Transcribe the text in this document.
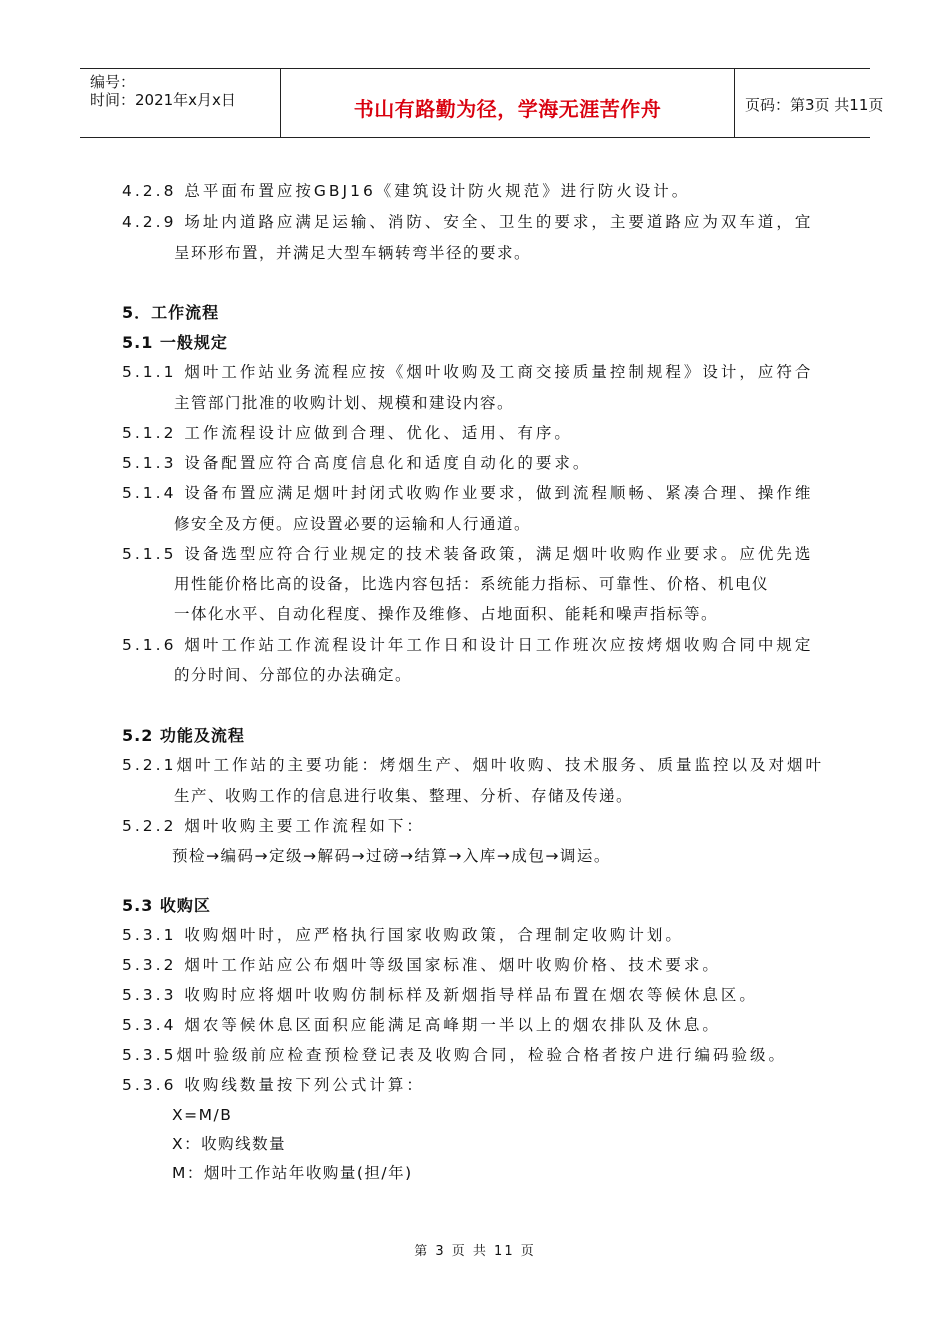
编号：
时间：2021年x月x日	书山有路勤为径，学海无涯苦作舟	页码：第3页 共11页
4.2.8 总平面布置应按GBJ16《建筑设计防火规范》进行防火设计。
4.2.9 场址内道路应满足运输、消防、安全、卫生的要求，主要道路应为双车道，宜
呈环形布置，并满足大型车辆转弯半径的要求。
5．工作流程
5.1 一般规定
5.1.1 烟叶工作站业务流程应按《烟叶收购及工商交接质量控制规程》设计，应符合
主管部门批准的收购计划、规模和建设内容。
5.1.2 工作流程设计应做到合理、优化、适用、有序。
5.1.3 设备配置应符合高度信息化和适度自动化的要求。
5.1.4 设备布置应满足烟叶封闭式收购作业要求，做到流程顺畅、紧凑合理、操作维
修安全及方便。应设置必要的运输和人行通道。
5.1.5 设备选型应符合行业规定的技术装备政策，满足烟叶收购作业要求。应优先选
用性能价格比高的设备，比选内容包括：系统能力指标、可靠性、价格、机电仪
一体化水平、自动化程度、操作及维修、占地面积、能耗和噪声指标等。
5.1.6 烟叶工作站工作流程设计年工作日和设计日工作班次应按烤烟收购合同中规定
的分时间、分部位的办法确定。
5.2 功能及流程
5.2.1烟叶工作站的主要功能：烤烟生产、烟叶收购、技术服务、质量监控以及对烟叶
生产、收购工作的信息进行收集、整理、分析、存储及传递。
5.2.2 烟叶收购主要工作流程如下：
预检→编码→定级→解码→过磅→结算→入库→成包→调运。
5.3 收购区
5.3.1 收购烟叶时，应严格执行国家收购政策，合理制定收购计划。
5.3.2 烟叶工作站应公布烟叶等级国家标准、烟叶收购价格、技术要求。
5.3.3 收购时应将烟叶收购仿制标样及新烟指导样品布置在烟农等候休息区。
5.3.4 烟农等候休息区面积应能满足高峰期一半以上的烟农排队及休息。
5.3.5烟叶验级前应检查预检登记表及收购合同，检验合格者按户进行编码验级。
5.3.6 收购线数量按下列公式计算：
X=M/B
X：收购线数量
M：烟叶工作站年收购量(担/年)
第 3 页 共 11 页
